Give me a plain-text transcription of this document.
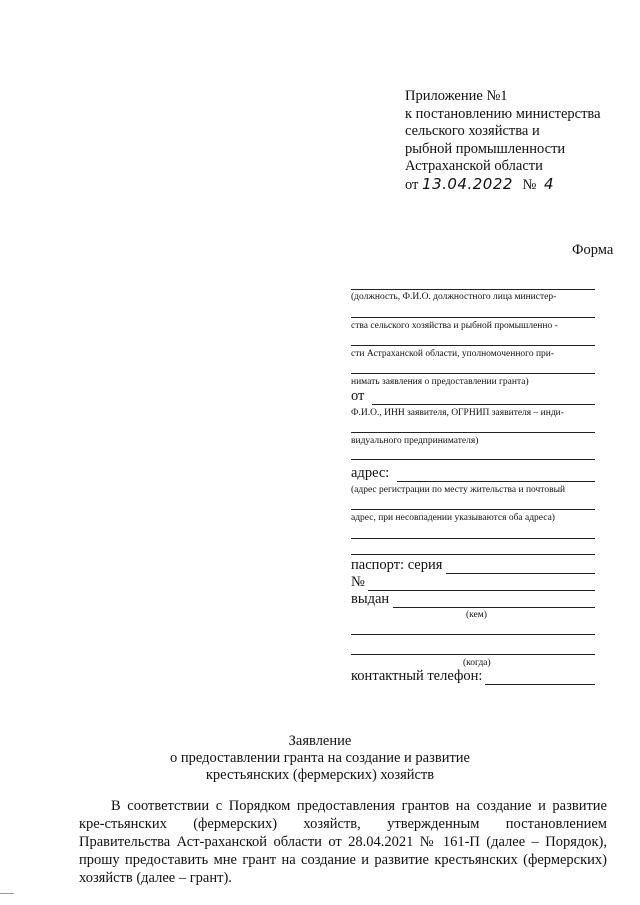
Приложение №1
к постановлению министерства
сельского хозяйства и
рыбной промышленности
Астраханской области
от 13.04.2022 № 4
Форма
(должность, Ф.И.О. должностного лица министер-
ства сельского хозяйства и рыбной промышленно -
сти Астраханской области, уполномоченного при-
нимать заявления о предоставлении гранта)
от
Ф.И.О., ИНН заявителя, ОГРНИП заявителя – инди-
видуального предпринимателя)
адрес:
(адрес регистрации по месту жительства и почтовый
адрес, при несовпадении указываются оба адреса)
паспорт: серия
№
выдан
(кем)
(когда)
контактный телефон:
Заявление
о предоставлении гранта на создание и развитие
крестьянских (фермерских) хозяйств
В соответствии с Порядком предоставления грантов на создание и развитие кре-стьянских (фермерских) хозяйств, утвержденным постановлением Правительства Аст-раханской области от 28.04.2021 № 161-П (далее – Порядок), прошу предоставить мне грант на создание и развитие крестьянских (фермерских) хозяйств (далее – грант).
